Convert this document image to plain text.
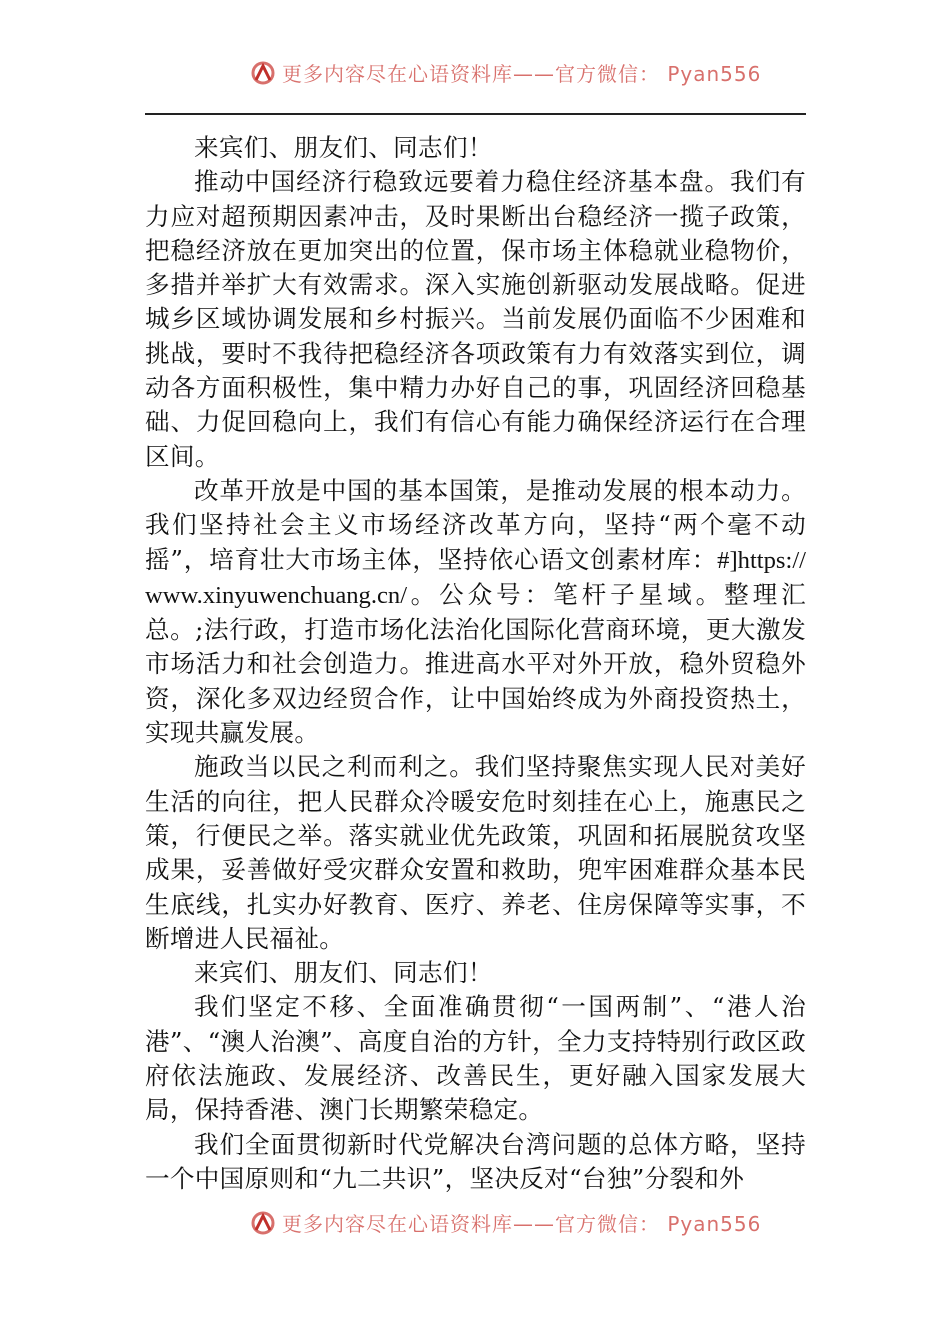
更多内容尽在心语资料库——官方微信： Pyan556

来宾们、朋友们、同志们！

推动中国经济行稳致远要着力稳住经济基本盘。我们有力应对超预期因素冲击，及时果断出台稳经济一揽子政策，把稳经济放在更加突出的位置，保市场主体稳就业稳物价，多措并举扩大有效需求。深入实施创新驱动发展战略。促进城乡区域协调发展和乡村振兴。当前发展仍面临不少困难和挑战，要时不我待把稳经济各项政策有力有效落实到位，调动各方面积极性，集中精力办好自己的事，巩固经济回稳基础、力促回稳向上，我们有信心有能力确保经济运行在合理区间。

改革开放是中国的基本国策，是推动发展的根本动力。我们坚持社会主义市场经济改革方向，坚持“两个毫不动摇”，培育壮大市场主体，坚持依心语文创素材库：#]https://www.xinyuwenchuang.cn/。公众号：笔杆子星域。整理汇总。;法行政，打造市场化法治化国际化营商环境，更大激发市场活力和社会创造力。推进高水平对外开放，稳外贸稳外资，深化多双边经贸合作，让中国始终成为外商投资热土，实现共赢发展。

施政当以民之利而利之。我们坚持聚焦实现人民对美好生活的向往，把人民群众冷暖安危时刻挂在心上，施惠民之策，行便民之举。落实就业优先政策，巩固和拓展脱贫攻坚成果，妥善做好受灾群众安置和救助，兜牢困难群众基本民生底线，扎实办好教育、医疗、养老、住房保障等实事，不断增进人民福祉。

来宾们、朋友们、同志们！

我们坚定不移、全面准确贯彻“一国两制”、“港人治港”、“澳人治澳”、高度自治的方针，全力支持特别行政区政府依法施政、发展经济、改善民生，更好融入国家发展大局，保持香港、澳门长期繁荣稳定。

我们全面贯彻新时代党解决台湾问题的总体方略，坚持一个中国原则和“九二共识”，坚决反对“台独”分裂和外

更多内容尽在心语资料库——官方微信： Pyan556
